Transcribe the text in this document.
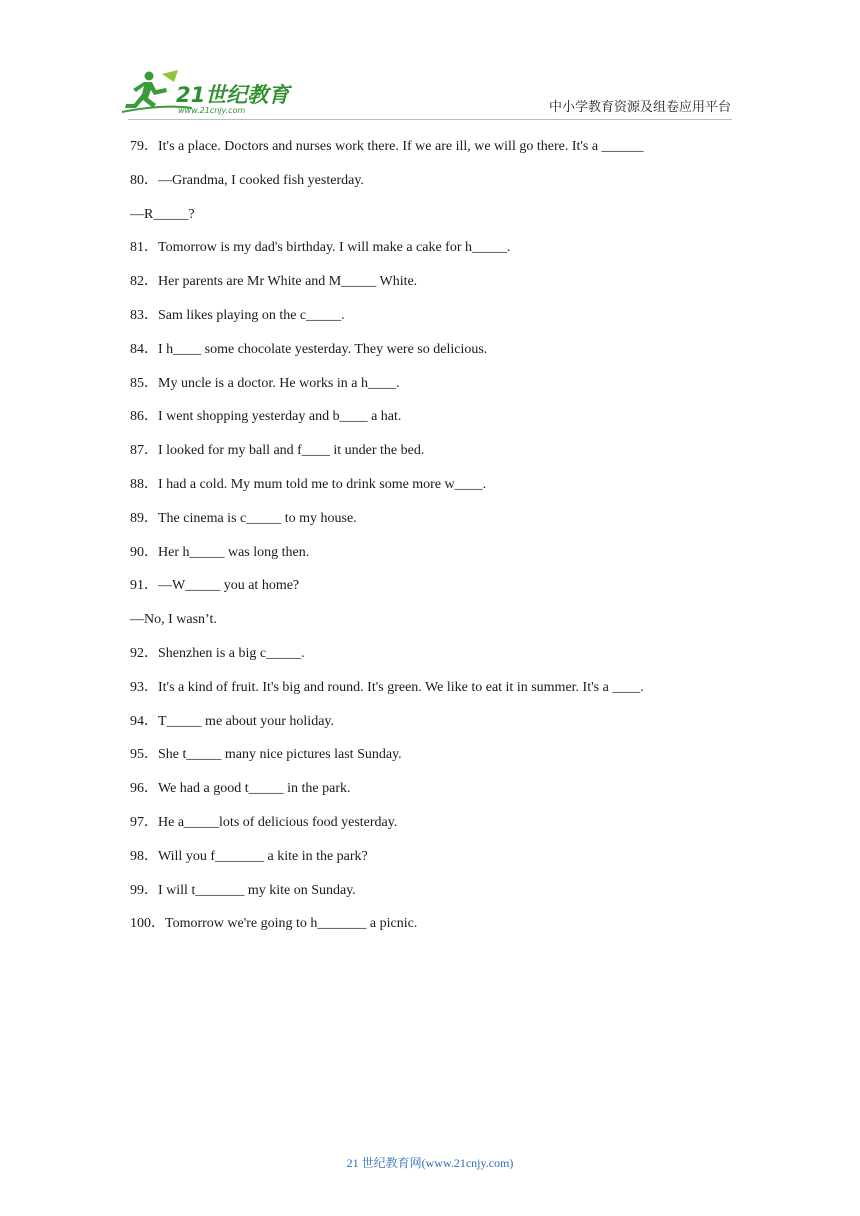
21世纪教育
www.21cnjy.com	中小学教育资源及组卷应用平台
79．It's a place. Doctors and nurses work there. If we are ill, we will go there. It's a ______
80．—Grandma, I cooked fish yesterday.
—R_____?
81．Tomorrow is my dad's birthday. I will make a cake for h_____.
82．Her parents are Mr White and M_____ White.
83．Sam likes playing on the c_____.
84．I h____ some chocolate yesterday. They were so delicious.
85．My uncle is a doctor. He works in a h____.
86．I went shopping yesterday and b____ a hat.
87．I looked for my ball and f____ it under the bed.
88．I had a cold. My mum told me to drink some more w____.
89．The cinema is c_____ to my house.
90．Her h_____ was long then.
91．—W_____ you at home?
—No, I wasn’t.
92．Shenzhen is a big c_____.
93．It's a kind of fruit. It's big and round. It's green. We like to eat it in summer. It's a ____.
94．T_____ me about your holiday.
95．She t_____ many nice pictures last Sunday.
96．We had a good t_____ in the park.
97．He a_____lots of delicious food yesterday.
98．Will you f_______ a kite in the park?
99．I will t_______ my kite on Sunday.
100．Tomorrow we're going to h_______ a picnic.
21 世纪教育网(www.21cnjy.com)
